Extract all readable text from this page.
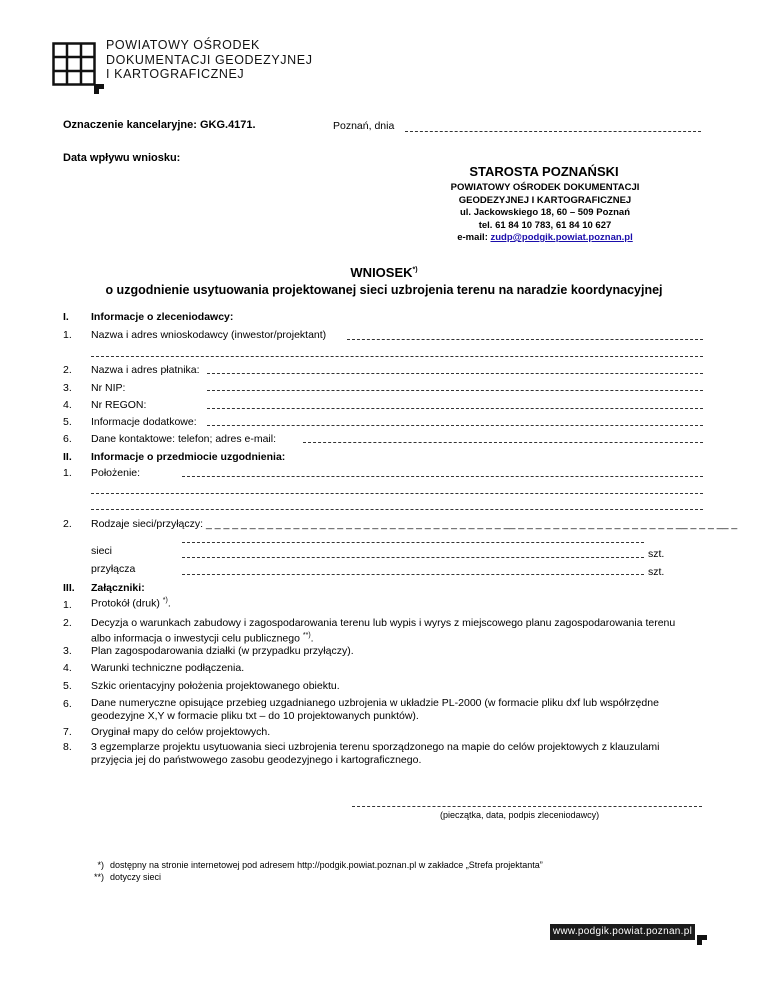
POWIATOWY OŚRODEK
DOKUMENTACJI GEODEZYJNEJ
I KARTOGRAFICZNEJ
Oznaczenie kancelaryjne: GKG.4171.	Poznań, dnia
Data wpływu wniosku:
STAROSTA POZNAŃSKI
POWIATOWY OŚRODEK DOKUMENTACJI
GEODEZYJNEJ I KARTOGRAFICZNEJ
ul. Jackowskiego 18, 60 – 509 Poznań
tel. 61 84 10 783, 61 84 10 627
e-mail: zudp@podgik.powiat.poznan.pl
WNIOSEK*)
o uzgodnienie usytuowania projektowanej sieci uzbrojenia terenu na naradzie koordynacyjnej
I. Informacje o zleceniodawcy:
1. Nazwa i adres wnioskodawcy (inwestor/projektant)
2. Nazwa i adres płatnika:
3. Nr NIP:
4. Nr REGON:
5. Informacje dodatkowe:
6. Dane kontaktowe: telefon; adres e-mail:
II. Informacje o przedmiocie uzgodnienia:
1. Położenie:
2. Rodzaje sieci/przyłączy: _ _ _ _ _ _ _ _ _ _ _ _ _ _ _ _ _ _ _ _ _ _ _ _ _ _ _ _ _ _ _ _ _ _ __ _ _ _ _ _ _ _ _ _ _ _ _ _ _ _ _ _ _ __ _ _ _ __ _
sieci	szt.
przyłącza	szt.
III. Załączniki:
1. Protokół (druk) *).
2. Decyzja o warunkach zabudowy i zagospodarowania terenu lub wypis i wyrys z miejscowego planu zagospodarowania terenu
albo informacja o inwestycji celu publicznego **).
3. Plan zagospodarowania działki (w przypadku przyłączy).
4. Warunki techniczne podłączenia.
5. Szkic orientacyjny położenia projektowanego obiektu.
6. Dane numeryczne opisujące przebieg uzgadnianego uzbrojenia w układzie PL-2000 (w formacie pliku dxf lub współrzędne
geodezyjne X,Y w formacie pliku txt – do 10 projektowanych punktów).
7. Oryginał mapy do celów projektowych.
8. 3 egzemplarze projektu usytuowania sieci uzbrojenia terenu sporządzonego na mapie do celów projektowych z klauzulami
przyjęcia jej do państwowego zasobu geodezyjnego i kartograficznego.
(pieczątka, data, podpis zleceniodawcy)
*) dostępny na stronie internetowej pod adresem http://podgik.powiat.poznan.pl w zakładce „Strefa projektanta”
**) dotyczy sieci
www.podgik.powiat.poznan.pl
